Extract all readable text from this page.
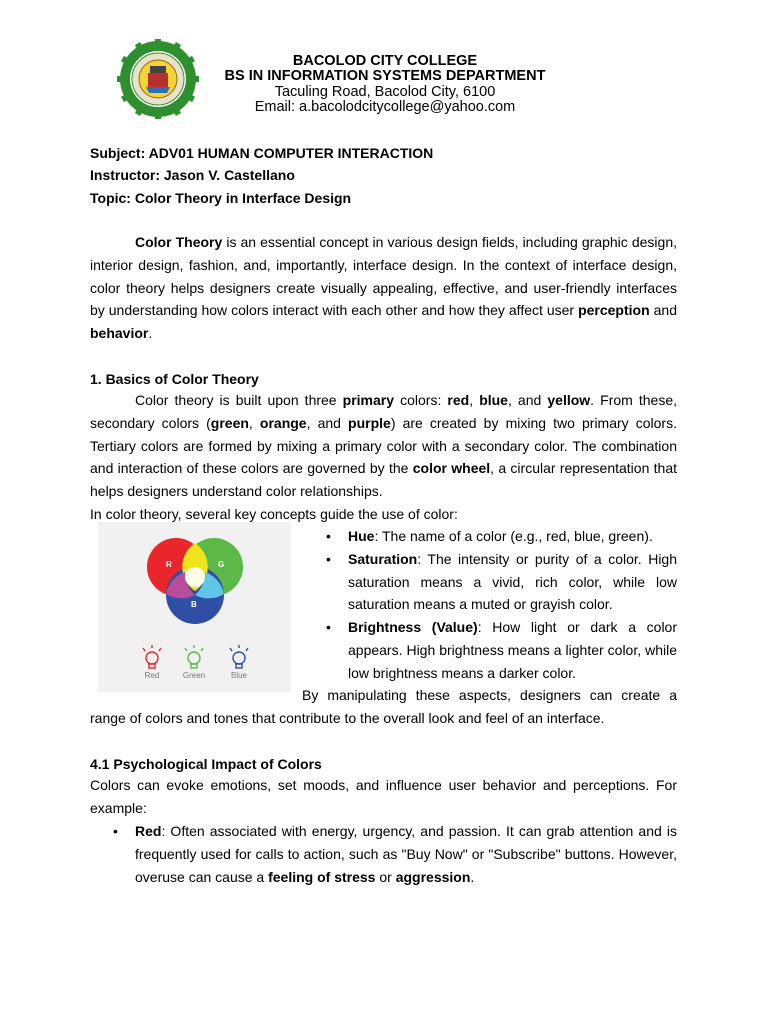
BACOLOD CITY COLLEGE
BS IN INFORMATION SYSTEMS DEPARTMENT
Taculing Road, Bacolod City, 6100
Email: a.bacolodcitycollege@yahoo.com
Subject: ADV01 HUMAN COMPUTER INTERACTION
Instructor: Jason V. Castellano
Topic: Color Theory in Interface Design

Color Theory is an essential concept in various design fields, including graphic design, interior design, fashion, and, importantly, interface design. In the context of interface design, color theory helps designers create visually appealing, effective, and user-friendly interfaces by understanding how colors interact with each other and how they affect user perception and behavior.

1. Basics of Color Theory

Color theory is built upon three primary colors: red, blue, and yellow. From these, secondary colors (green, orange, and purple) are created by mixing two primary colors. Tertiary colors are formed by mixing a primary color with a secondary color. The combination and interaction of these colors are governed by the color wheel, a circular representation that helps designers understand color relationships.

In color theory, several key concepts guide the use of color:

R	G
B
Red	Green	Blue
• Hue: The name of a color (e.g., red, blue, green).
• Saturation: The intensity or purity of a color. High saturation means a vivid, rich color, while low saturation means a muted or grayish color.
• Brightness (Value): How light or dark a color appears. High brightness means a lighter color, while low brightness means a darker color.

By manipulating these aspects, designers can create a range of colors and tones that contribute to the overall look and feel of an interface.

4.1 Psychological Impact of Colors

Colors can evoke emotions, set moods, and influence user behavior and perceptions. For example:

• Red: Often associated with energy, urgency, and passion. It can grab attention and is frequently used for calls to action, such as "Buy Now" or "Subscribe" buttons. However, overuse can cause a feeling of stress or aggression.
